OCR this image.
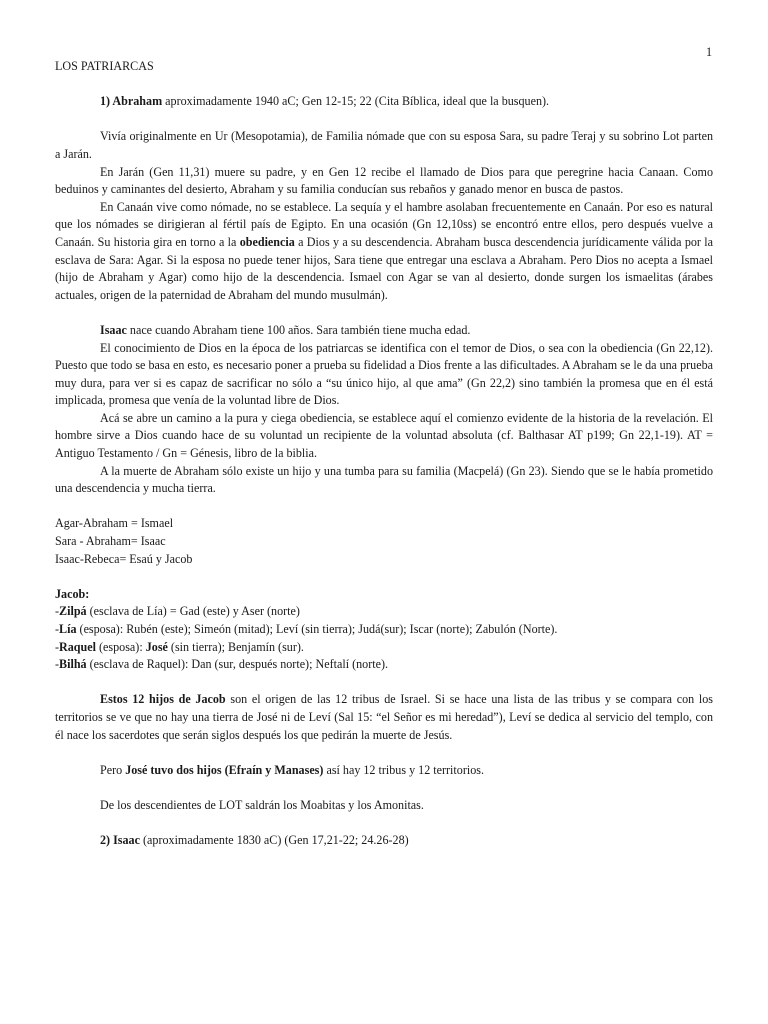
1

LOS PATRIARCAS

1) Abraham aproximadamente 1940 aC; Gen 12-15; 22 (Cita Bíblica, ideal que la busquen).

Vivía originalmente en Ur (Mesopotamia), de Familia nómade que con su esposa Sara, su padre Teraj y su sobrino Lot parten a Jarán.

En Jarán (Gen 11,31) muere su padre, y en Gen 12 recibe el llamado de Dios para que peregrine hacia Canaan. Como beduinos y caminantes del desierto, Abraham y su familia conducían sus rebaños y ganado menor en busca de pastos.

En Canaán vive como nómade, no se establece. La sequía y el hambre asolaban frecuentemente en Canaán. Por eso es natural que los nómades se dirigieran al fértil país de Egipto. En una ocasión (Gn 12,10ss) se encontró entre ellos, pero después vuelve a Canaán. Su historia gira en torno a la obediencia a Dios y a su descendencia. Abraham busca descendencia jurídicamente válida por la esclava de Sara: Agar. Si la esposa no puede tener hijos, Sara tiene que entregar una esclava a Abraham. Pero Dios no acepta a Ismael (hijo de Abraham y Agar) como hijo de la descendencia. Ismael con Agar se van al desierto, donde surgen los ismaelitas (árabes actuales, origen de la paternidad de Abraham del mundo musulmán).

Isaac nace cuando Abraham tiene 100 años. Sara también tiene mucha edad.

El conocimiento de Dios en la época de los patriarcas se identifica con el temor de Dios, o sea con la obediencia (Gn 22,12). Puesto que todo se basa en esto, es necesario poner a prueba su fidelidad a Dios frente a las dificultades. A Abraham se le da una prueba muy dura, para ver si es capaz de sacrificar no sólo a “su único hijo, al que ama” (Gn 22,2) sino también la promesa que en él está implicada, promesa que venía de la voluntad libre de Dios.

Acá se abre un camino a la pura y ciega obediencia, se establece aquí el comienzo evidente de la historia de la revelación. El hombre sirve a Dios cuando hace de su voluntad un recipiente de la voluntad absoluta (cf. Balthasar AT p199; Gn 22,1-19). AT = Antiguo Testamento / Gn = Génesis, libro de la biblia.

A la muerte de Abraham sólo existe un hijo y una tumba para su familia (Macpelá) (Gn 23). Siendo que se le había prometido una descendencia y mucha tierra.

Agar-Abraham = Ismael

Sara - Abraham= Isaac

Isaac-Rebeca= Esaú y Jacob

Jacob:

-Zilpá (esclava de Lía) = Gad (este) y Aser (norte)

-Lía (esposa): Rubén (este); Simeón (mitad); Leví (sin tierra); Judá(sur); Iscar (norte); Zabulón (Norte).

-Raquel (esposa): José (sin tierra); Benjamín (sur).

-Bilhá (esclava de Raquel): Dan (sur, después norte); Neftalí (norte).

Estos 12 hijos de Jacob son el origen de las 12 tribus de Israel. Si se hace una lista de las tribus y se compara con los territorios se ve que no hay una tierra de José ni de Leví (Sal 15: “el Señor es mi heredad”), Leví se dedica al servicio del templo, con él nace los sacerdotes que serán siglos después los que pedirán la muerte de Jesús.

Pero José tuvo dos hijos (Efraín y Manases) así hay 12 tribus y 12 territorios.

De los descendientes de LOT saldrán los Moabitas y los Amonitas.

2) Isaac (aproximadamente 1830 aC) (Gen 17,21-22; 24.26-28)
